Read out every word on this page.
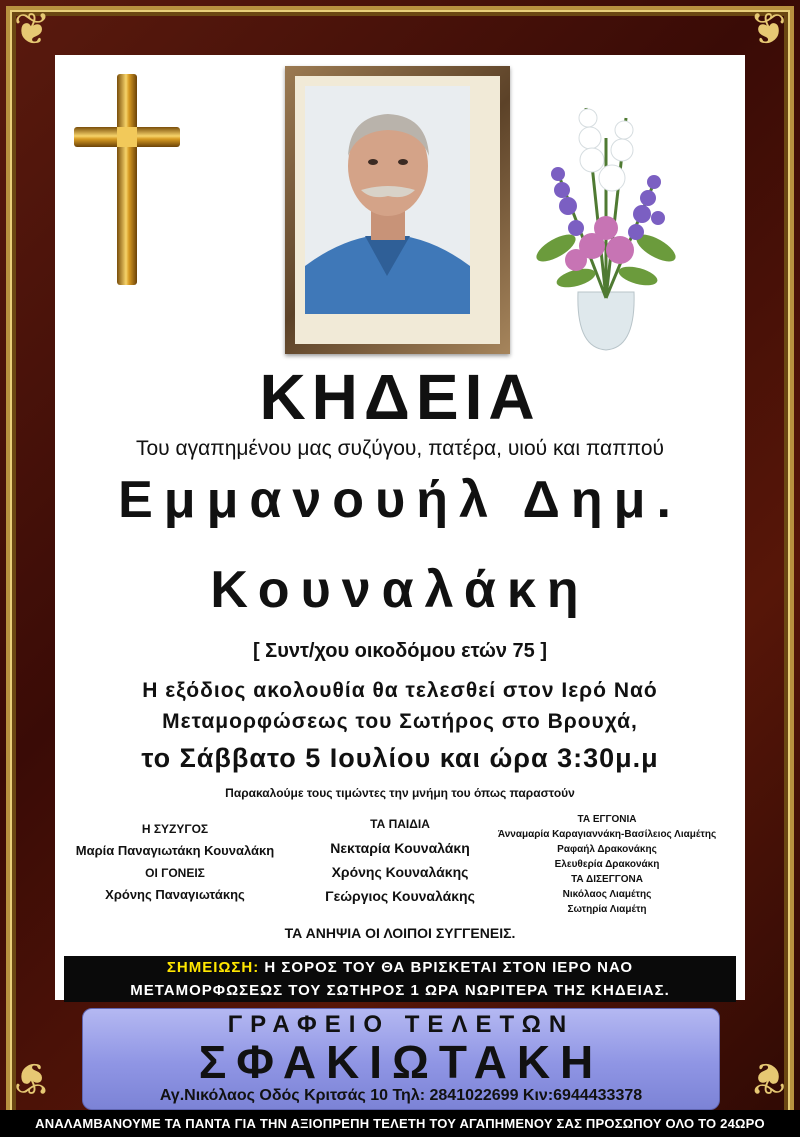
❦	❦
❦	❦
ΚΗΔΕΙΑ

Του αγαπημένου μας συζύγου, πατέρα, υιού και παππού

Εμμανουήλ Δημ.

Κουναλάκη

[ Συντ/χου οικοδόμου ετών 75 ]

Η εξόδιος ακολουθία θα τελεσθεί στον Ιερό Ναό

Μεταμορφώσεως του Σωτήρος στο Βρουχά,

το Σάββατο 5 Ιουλίου και ώρα 3:30μ.μ

Παρακαλούμε τους τιμώντες την μνήμη του όπως παραστούν

Η ΣΥΖΥΓΟΣ
Μαρία Παναγιωτάκη Κουναλάκη
ΟΙ ΓΟΝΕΙΣ
Χρόνης Παναγιωτάκης
ΤΑ ΠΑΙΔΙΑ
Νεκταρία Κουναλάκη
Χρόνης Κουναλάκης
Γεώργιος Κουναλάκης
ΤΑ ΕΓΓΟΝΙΑ
Άνναμαρία Καραγιαννάκη-Βασίλειος Λιαμέτης
Ραφαήλ Δρακονάκης
Ελευθερία Δρακονάκη
ΤΑ ΔΙΣΕΓΓΟΝΑ
Νικόλαος Λιαμέτης
Σωτηρία Λιαμέτη

ΤΑ ΑΝΗΨΙΑ ΟΙ ΛΟΙΠΟΙ ΣΥΓΓΕΝΕΙΣ.

ΣΗΜΕΙΩΣΗ: Η ΣΟΡΟΣ ΤΟΥ ΘΑ ΒΡΙΣΚΕΤΑΙ ΣΤΟΝ ΙΕΡΟ ΝΑΟ
ΜΕΤΑΜΟΡΦΩΣΕΩΣ ΤΟΥ ΣΩΤΗΡΟΣ 1 ΩΡΑ ΝΩΡΙΤΕΡΑ ΤΗΣ ΚΗΔΕΙΑΣ.
ΓΡΑΦΕΙΟ ΤΕΛΕΤΩΝ
ΣΦΑΚΙΩΤΑΚΗ
Αγ.Νικόλαος Οδός Κριτσάς 10 Τηλ: 2841022699 Κιν:6944433378
ΑΝΑΛΑΜΒΑΝΟΥΜΕ ΤΑ ΠΑΝΤΑ ΓΙΑ ΤΗΝ ΑΞΙΟΠΡΕΠΗ ΤΕΛΕΤΗ ΤΟΥ ΑΓΑΠΗΜΕΝΟΥ ΣΑΣ ΠΡΟΣΩΠΟΥ ΟΛΟ ΤΟ 24ΩΡΟ
